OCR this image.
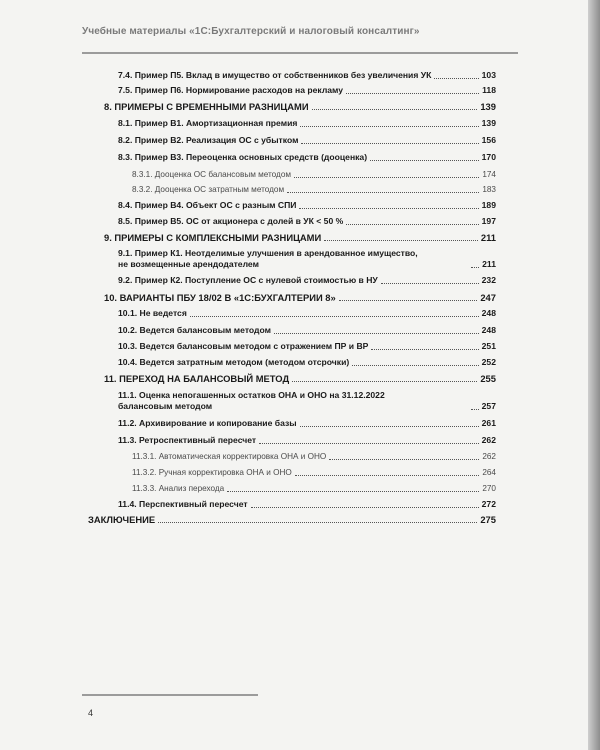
Учебные материалы «1С:Бухгалтерский и налоговый консалтинг»
7.4. Пример П5. Вклад в имущество от собственников без увеличения УК	103
7.5. Пример П6. Нормирование расходов на рекламу	118
8. ПРИМЕРЫ С ВРЕМЕННЫМИ РАЗНИЦАМИ	139
8.1. Пример В1. Амортизационная премия	139
8.2. Пример В2. Реализация ОС с убытком	156
8.3. Пример В3. Переоценка основных средств (дооценка)	170
8.3.1. Дооценка ОС балансовым методом	174
8.3.2. Дооценка ОС затратным методом	183
8.4. Пример В4. Объект ОС с разным СПИ	189
8.5. Пример В5. ОС от акционера с долей в УК < 50 %	197
9. ПРИМЕРЫ С КОМПЛЕКСНЫМИ РАЗНИЦАМИ	211
9.1. Пример К1. Неотделимые улучшения в арендованное имущество, не возмещенные арендодателем	211
9.2. Пример К2. Поступление ОС с нулевой стоимостью в НУ	232
10. ВАРИАНТЫ ПБУ 18/02 В «1С:БУХГАЛТЕРИИ 8»	247
10.1. Не ведется	248
10.2. Ведется балансовым методом	248
10.3. Ведется балансовым методом с отражением ПР и ВР	251
10.4. Ведется затратным методом (методом отсрочки)	252
11. ПЕРЕХОД НА БАЛАНСОВЫЙ МЕТОД	255
11.1. Оценка непогашенных остатков ОНА и ОНО на 31.12.2022 балансовым методом	257
11.2. Архивирование и копирование базы	261
11.3. Ретроспективный пересчет	262
11.3.1. Автоматическая корректировка ОНА и ОНО	262
11.3.2. Ручная корректировка ОНА и ОНО	264
11.3.3. Анализ перехода	270
11.4. Перспективный пересчет	272
ЗАКЛЮЧЕНИЕ	275
4
